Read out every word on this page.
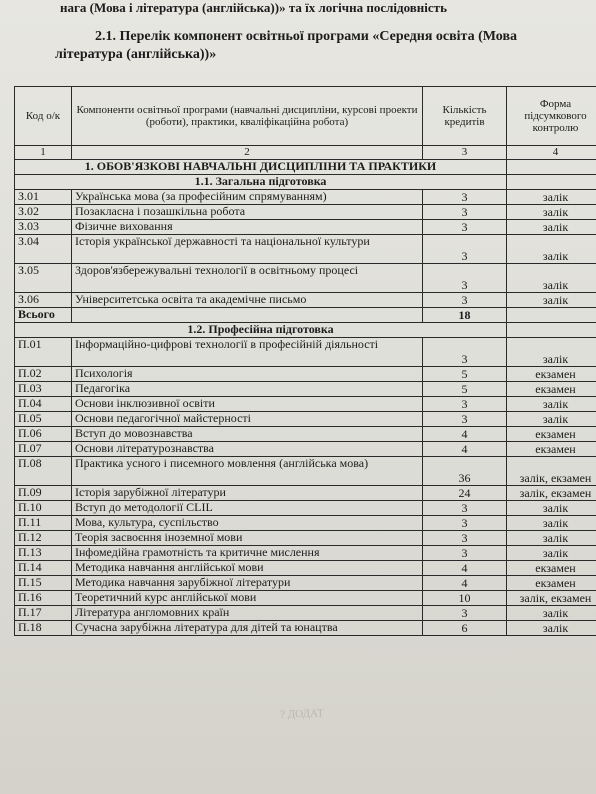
нага (Мова і література (англійська))» та їх логічна послідовність
2.1. Перелік компонент освітньої програми «Середня освіта (Мова
література (англійська))»
Код о/к	Компоненти освітньої програми (навчальні дисципліни, курсові проекти (роботи), практики, кваліфікаційна робота)	Кількість кредитів	Форма підсумкового контролю
1	2	3	4
1. ОБОВ'ЯЗКОВІ НАВЧАЛЬНІ ДИСЦИПЛІНИ ТА ПРАКТИКИ			
1.1. Загальна підготовка			
З.01	Українська мова (за професійним спрямуванням)	3	залік
З.02	Позакласна і позашкільна робота	3	залік
З.03	Фізичне виховання	3	залік
З.04	Історія української державності та національної культури	3	залік
З.05	Здоров'язбережувальні технології в освітньому процесі	3	залік
З.06	Університетська освіта та академічне письмо	3	залік
Всього		18	
1.2. Професійна підготовка			
П.01	Інформаційно-цифрові технології в професійній діяльності	3	залік
П.02	Психологія	5	екзамен
П.03	Педагогіка	5	екзамен
П.04	Основи інклюзивної освіти	3	залік
П.05	Основи педагогічної майстерності	3	залік
П.06	Вступ до мовознавства	4	екзамен
П.07	Основи літературознавства	4	екзамен
П.08	Практика усного і писемного мовлення (англійська мова)	36	залік, екзамен
П.09	Історія зарубіжної літератури	24	залік, екзамен
П.10	Вступ до методології CLIL	3	залік
П.11	Мова, культура, суспільство	3	залік
П.12	Теорія засвоєння іноземної мови	3	залік
П.13	Інфомедійна грамотність та критичне мислення	3	залік
П.14	Методика навчання англійської мови	4	екзамен
П.15	Методика навчання зарубіжної літератури	4	екзамен
П.16	Теоретичний курс англійської мови	10	залік, екзамен
П.17	Література англомовних країн	3	залік
П.18	Сучасна зарубіжна література для дітей та юнацтва	6	залік
? ДОДАТ
